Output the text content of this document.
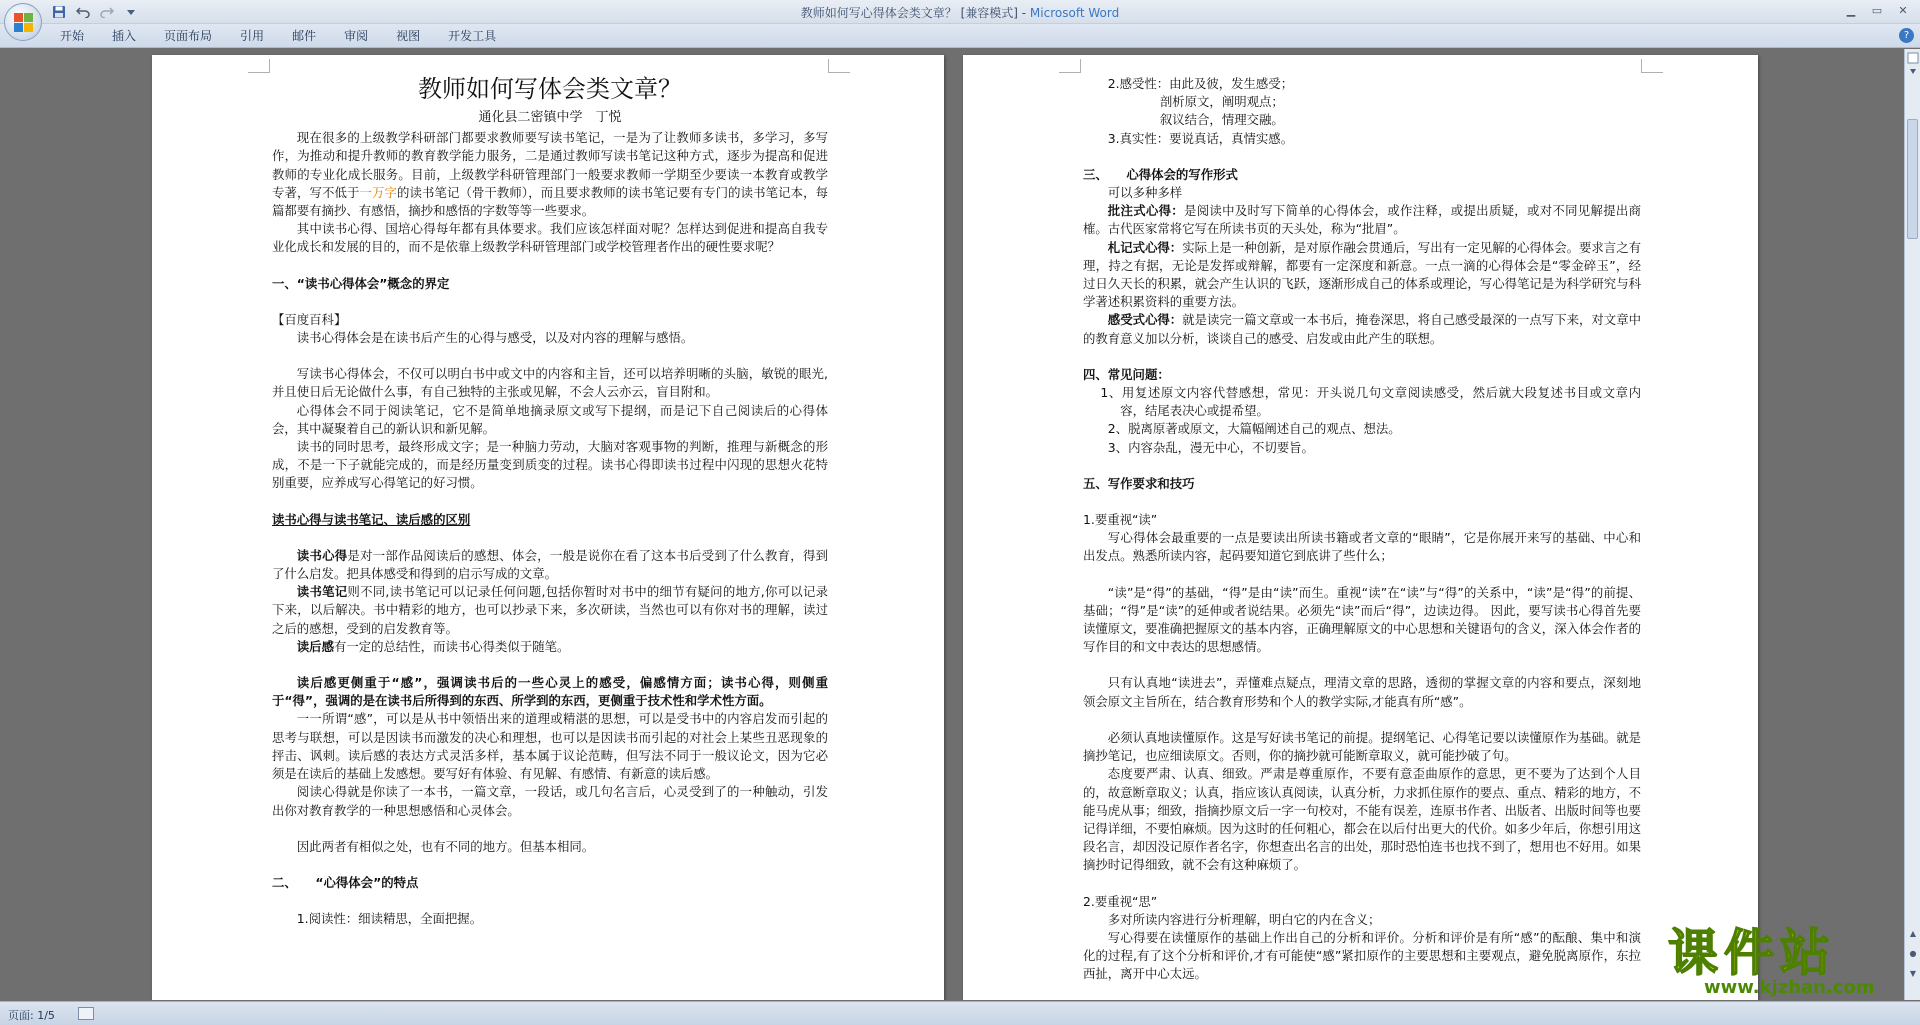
教师如何写心得体会类文章？ [兼容模式] - Microsoft Word	▁	▭	✕
开始	插入	页面布局	引用	邮件	审阅	视图	开发工具	?
教师如何写体会类文章？
通化县二密镇中学　丁悦

现在很多的上级教学科研部门都要求教师要写读书笔记，一是为了让教师多读书，多学习，多写作，为推动和提升教师的教育教学能力服务，二是通过教师写读书笔记这种方式，逐步为提高和促进教师的专业化成长服务。目前，上级教学科研管理部门一般要求教师一学期至少要读一本教育或教学专著，写不低于一万字的读书笔记（骨干教师），而且要求教师的读书笔记要有专门的读书笔记本，每篇都要有摘抄、有感悟，摘抄和感悟的字数等等一些要求。

其中读书心得、国培心得每年都有具体要求。我们应该怎样面对呢？怎样达到促进和提高自我专业化成长和发展的目的，而不是依靠上级教学科研管理部门或学校管理者作出的硬性要求呢？

一、“读书心得体会”概念的界定

【百度百科】

读书心得体会是在读书后产生的心得与感受，以及对内容的理解与感悟。

写读书心得体会，不仅可以明白书中或文中的内容和主旨，还可以培养明晰的头脑，敏锐的眼光,并且使日后无论做什么事，有自己独特的主张或见解，不会人云亦云，盲目附和。

心得体会不同于阅读笔记，它不是简单地摘录原文或写下提纲，而是记下自己阅读后的心得体会，其中凝聚着自己的新认识和新见解。

读书的同时思考，最终形成文字；是一种脑力劳动，大脑对客观事物的判断，推理与新概念的形成，不是一下子就能完成的，而是经历量变到质变的过程。读书心得即读书过程中闪现的思想火花特别重要，应养成写心得笔记的好习惯。

读书心得与读书笔记、读后感的区别

读书心得是对一部作品阅读后的感想、体会，一般是说你在看了这本书后受到了什么教育，得到了什么启发。把具体感受和得到的启示写成的文章。

读书笔记则不同,读书笔记可以记录任何问题,包括你暂时对书中的细节有疑问的地方,你可以记录下来，以后解决。书中精彩的地方，也可以抄录下来，多次研读，当然也可以有你对书的理解，读过之后的感想，受到的启发教育等。

读后感有一定的总结性，而读书心得类似于随笔。

读后感更侧重于“感”，强调读书后的一些心灵上的感受，偏感情方面；读书心得，则侧重于“得”，强调的是在读书后所得到的东西、所学到的东西，更侧重于技术性和学术性方面。

一一所谓“感”，可以是从书中领悟出来的道理或精湛的思想，可以是受书中的内容启发而引起的思考与联想，可以是因读书而激发的决心和理想，也可以是因读书而引起的对社会上某些丑恶现象的抨击、讽刺。读后感的表达方式灵活多样，基本属于议论范畴，但写法不同于一般议论文，因为它必须是在读后的基础上发感想。要写好有体验、有见解、有感情、有新意的读后感。

阅读心得就是你读了一本书，一篇文章，一段话，或几句名言后，心灵受到了的一种触动，引发出你对教育教学的一种思想感悟和心灵体会。

因此两者有相似之处，也有不同的地方。但基本相同。

二、　　“心得体会”的特点

1.阅读性：细读精思，全面把握。

2.感受性：由此及彼，发生感受；

剖析原文，阐明观点；

叙议结合，情理交融。

3.真实性：要说真话，真情实感。

三、　　心得体会的写作形式

可以多种多样

批注式心得：是阅读中及时写下简单的心得体会，或作注释，或提出质疑，或对不同见解提出商榷。古代医家常将它写在所读书页的天头处，称为“批眉”。

札记式心得：实际上是一种创新，是对原作融会贯通后，写出有一定见解的心得体会。要求言之有理，持之有据，无论是发挥或辩解，都要有一定深度和新意。一点一滴的心得体会是“零金碎玉”，经过日久天长的积累，就会产生认识的飞跃，逐渐形成自己的体系或理论，写心得笔记是为科学研究与科学著述积累资料的重要方法。

感受式心得：就是读完一篇文章或一本书后，掩卷深思，将自己感受最深的一点写下来，对文章中的教育意义加以分析，谈谈自己的感受、启发或由此产生的联想。

四、常见问题：

1、用复述原文内容代替感想，常见：开头说几句文章阅读感受，然后就大段复述书目或文章内容，结尾表决心或提希望。

2、脱离原著或原文，大篇幅阐述自己的观点、想法。

3、内容杂乱，漫无中心，不切要旨。

五、写作要求和技巧

1.要重视“读”

写心得体会最重要的一点是要读出所读书籍或者文章的“眼睛”，它是你展开来写的基础、中心和出发点。熟悉所读内容，起码要知道它到底讲了些什么；

“读”是“得”的基础，“得”是由“读”而生。重视“读”在“读”与“得”的关系中，“读”是“得”的前提、基础；“得”是“读”的延伸或者说结果。必须先“读”而后“得”，边读边得。 因此，要写读书心得首先要读懂原文，要准确把握原文的基本内容，正确理解原文的中心思想和关键语句的含义，深入体会作者的写作目的和文中表达的思想感情。

只有认真地“读进去”，弄懂难点疑点，理清文章的思路，透彻的掌握文章的内容和要点，深刻地领会原文主旨所在，结合教育形势和个人的教学实际,才能真有所“感”。

必须认真地读懂原作。这是写好读书笔记的前提。提纲笔记、心得笔记要以读懂原作为基础。就是摘抄笔记，也应细读原文。否则，你的摘抄就可能断章取义，就可能抄破了句。

态度要严肃、认真、细致。严肃是尊重原作，不要有意歪曲原作的意思，更不要为了达到个人目的，故意断章取义；认真，指应该认真阅读，认真分析，力求抓住原作的要点、重点、精彩的地方，不能马虎从事；细致，指摘抄原文后一字一句校对，不能有误差，连原书作者、出版者、出版时间等也要记得详细，不要怕麻烦。因为这时的任何粗心，都会在以后付出更大的代价。如多少年后，你想引用这段名言，却因没记原作者名字，你想查出名言的出处，那时恐怕连书也找不到了，想用也不好用。如果摘抄时记得细致，就不会有这种麻烦了。

2.要重视“思”

多对所读内容进行分析理解，明白它的内在含义；

写心得要在读懂原作的基础上作出自己的分析和评价。分析和评价是有所“感”的酝酿、集中和演化的过程,有了这个分析和评价,才有可能使“感”紧扣原作的主要思想和主要观点，避免脱离原作，东拉西扯，离开中心太远。

▲
●
▼
课件站
www.kjzhan.com
页面: 1/5
